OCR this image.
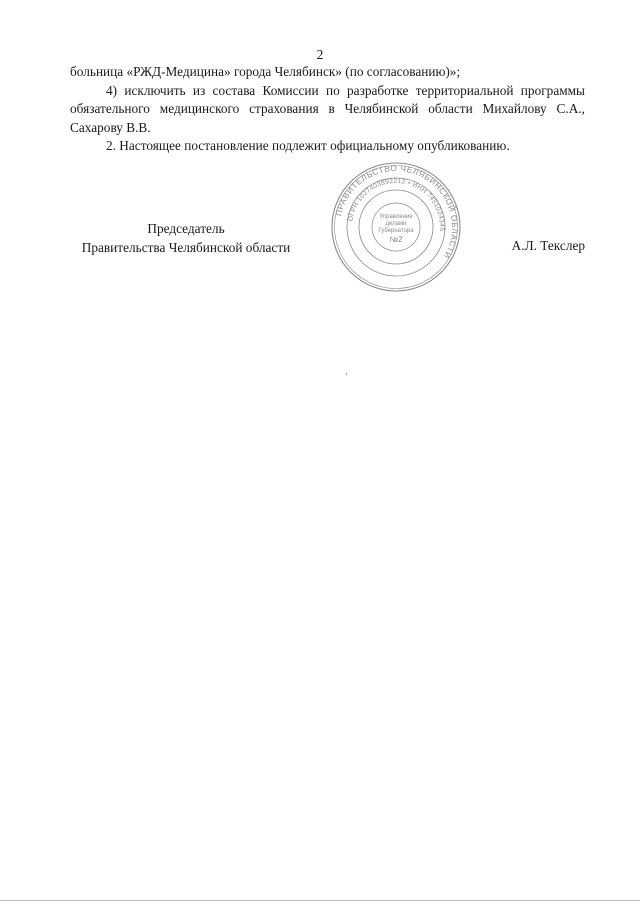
2

больница «РЖД-Медицина» города Челябинск» (по согласованию)»;

4) исключить из состава Комиссии по разработке территориальной программы обязательного медицинского страхования в Челябинской области Михайлову С.А., Сахарову В.В.

2. Настоящее постановление подлежит официальному опубликованию.

Председатель
Правительства Челябинской области	А.Л. Текслер
ПРАВИТЕЛЬСТВО ЧЕЛЯБИНСКОЙ ОБЛАСТИ
ОГРН 1027403892212 • ИНН 7451024345
Управление
делами
Губернатора
№2
